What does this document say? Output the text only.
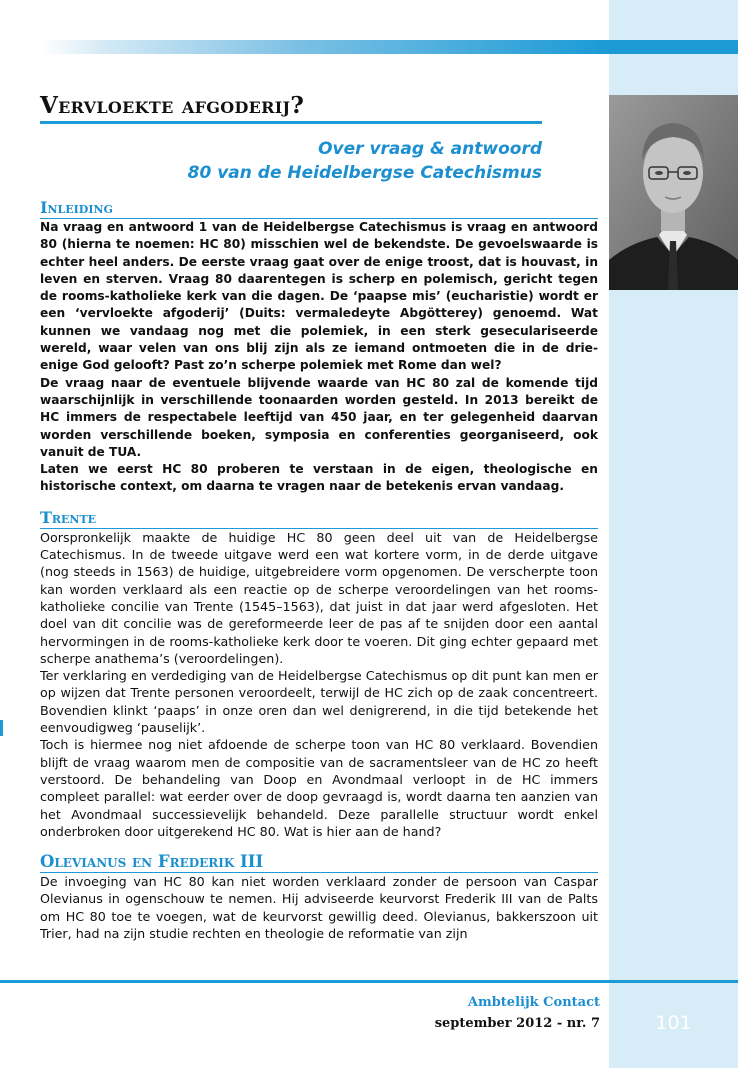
Vervloekte afgoderij?
Over vraag & antwoord
80 van de Heidelbergse Catechismus
Inleiding

Na vraag en antwoord 1 van de Heidelbergse Catechismus is vraag en antwoord 80 (hierna te noemen: HC 80) misschien wel de bekendste. De gevoelswaarde is echter heel anders. De eerste vraag gaat over de enige troost, dat is houvast, in leven en sterven. Vraag 80 daarentegen is scherp en polemisch, gericht tegen de rooms-katholieke kerk van die dagen. De ‘paapse mis’ (eucharistie) wordt er een ‘vervloekte afgoderij’ (Duits: vermaledeyte Abgötterey) genoemd. Wat kunnen we vandaag nog met die polemiek, in een sterk geseculariseerde wereld, waar velen van ons blij zijn als ze iemand ontmoeten die in de drie-enige God gelooft? Past zo’n scherpe polemiek met Rome dan wel?

De vraag naar de eventuele blijvende waarde van HC 80 zal de komende tijd waarschijnlijk in verschillende toonaarden worden gesteld. In 2013 bereikt de HC immers de respectabele leeftijd van 450 jaar, en ter gelegenheid daarvan worden verschillende boeken, symposia en conferenties georganiseerd, ook vanuit de TUA.

Laten we eerst HC 80 proberen te verstaan in de eigen, theologische en historische context, om daarna te vragen naar de betekenis ervan vandaag.

Trente

Oorspronkelijk maakte de huidige HC 80 geen deel uit van de Heidelbergse Catechismus. In de tweede uitgave werd een wat kortere vorm, in de derde uitgave (nog steeds in 1563) de huidige, uitgebreidere vorm opgenomen. De verscherpte toon kan worden verklaard als een reactie op de scherpe veroordelingen van het rooms-katholieke concilie van Trente (1545–1563), dat juist in dat jaar werd afgesloten. Het doel van dit concilie was de gereformeerde leer de pas af te snijden door een aantal hervormingen in de rooms-katholieke kerk door te voeren. Dit ging echter gepaard met scherpe anathema’s (veroordelingen).

Ter verklaring en verdediging van de Heidelbergse Catechismus op dit punt kan men er op wijzen dat Trente personen veroordeelt, terwijl de HC zich op de zaak concentreert. Bovendien klinkt ‘paaps’ in onze oren dan wel denigrerend, in die tijd betekende het eenvoudigweg ‘pauselijk’.

Toch is hiermee nog niet afdoende de scherpe toon van HC 80 verklaard. Bovendien blijft de vraag waarom men de compositie van de sacramentsleer van de HC zo heeft verstoord. De behandeling van Doop en Avondmaal verloopt in de HC immers compleet parallel: wat eerder over de doop gevraagd is, wordt daarna ten aanzien van het Avondmaal successievelijk behandeld. Deze parallelle structuur wordt enkel onderbroken door uitgerekend HC 80. Wat is hier aan de hand?

Olevianus en Frederik III

De invoeging van HC 80 kan niet worden verklaard zonder de persoon van Caspar Olevianus in ogenschouw te nemen. Hij adviseerde keurvorst Frederik III van de Palts om HC 80 toe te voegen, wat de keurvorst gewillig deed. Olevianus, bakkerszoon uit Trier, had na zijn studie rechten en theologie de reformatie van zijn

Ambtelijk Contact
september 2012 - nr. 7	101
